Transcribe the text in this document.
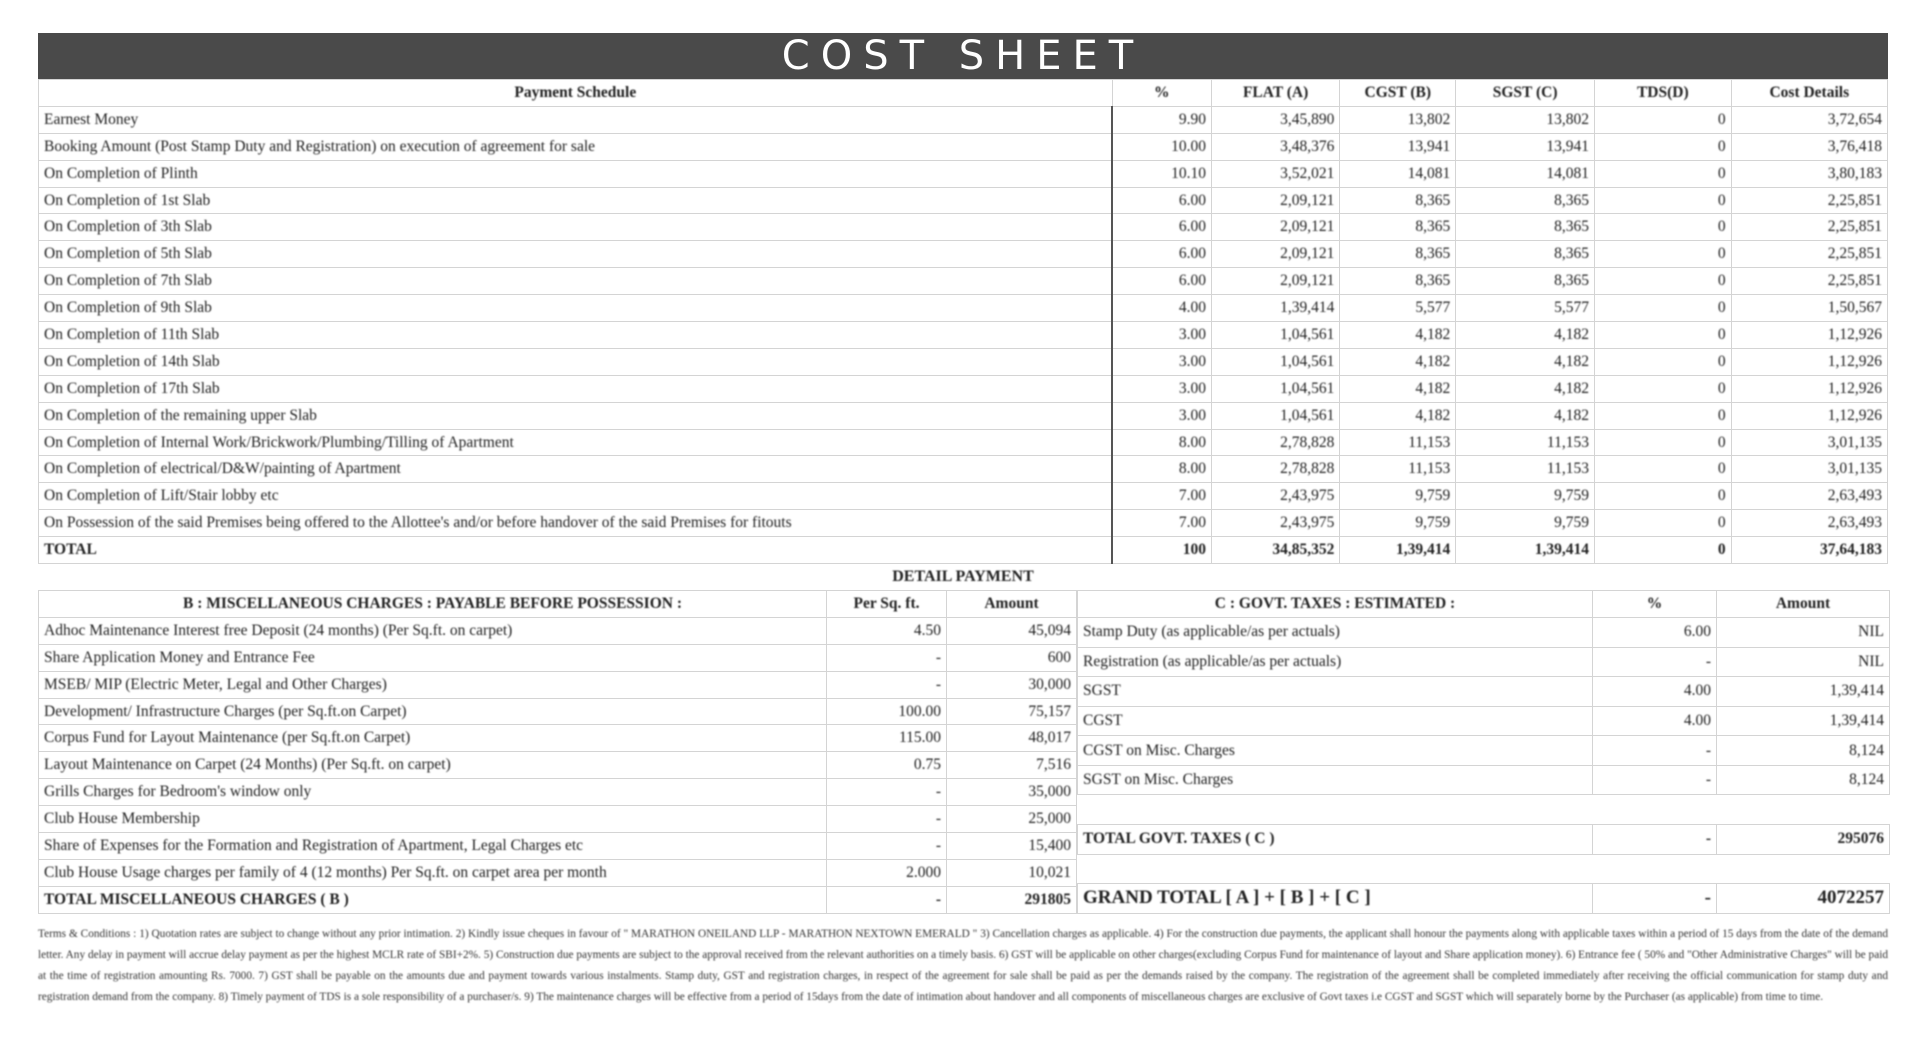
COST SHEET
Payment Schedule	%	FLAT (A)	CGST (B)	SGST (C)	TDS(D)	Cost Details
Earnest Money	9.90	3,45,890	13,802	13,802	0	3,72,654
Booking Amount (Post Stamp Duty and Registration) on execution of agreement for sale	10.00	3,48,376	13,941	13,941	0	3,76,418
On Completion of Plinth	10.10	3,52,021	14,081	14,081	0	3,80,183
On Completion of 1st Slab	6.00	2,09,121	8,365	8,365	0	2,25,851
On Completion of 3th Slab	6.00	2,09,121	8,365	8,365	0	2,25,851
On Completion of 5th Slab	6.00	2,09,121	8,365	8,365	0	2,25,851
On Completion of 7th Slab	6.00	2,09,121	8,365	8,365	0	2,25,851
On Completion of 9th Slab	4.00	1,39,414	5,577	5,577	0	1,50,567
On Completion of 11th Slab	3.00	1,04,561	4,182	4,182	0	1,12,926
On Completion of 14th Slab	3.00	1,04,561	4,182	4,182	0	1,12,926
On Completion of 17th Slab	3.00	1,04,561	4,182	4,182	0	1,12,926
On Completion of the remaining upper Slab	3.00	1,04,561	4,182	4,182	0	1,12,926
On Completion of Internal Work/Brickwork/Plumbing/Tilling of Apartment	8.00	2,78,828	11,153	11,153	0	3,01,135
On Completion of electrical/D&W/painting of Apartment	8.00	2,78,828	11,153	11,153	0	3,01,135
On Completion of Lift/Stair lobby etc	7.00	2,43,975	9,759	9,759	0	2,63,493
On Possession of the said Premises being offered to the Allottee's and/or before handover of the said Premises for fitouts	7.00	2,43,975	9,759	9,759	0	2,63,493
TOTAL	100	34,85,352	1,39,414	1,39,414	0	37,64,183
DETAIL PAYMENT
B : MISCELLANEOUS CHARGES : PAYABLE BEFORE POSSESSION :	Per Sq. ft.	Amount
Adhoc Maintenance Interest free Deposit (24 months) (Per Sq.ft. on carpet)	4.50	45,094
Share Application Money and Entrance Fee	-	600
MSEB/ MIP (Electric Meter, Legal and Other Charges)	-	30,000
Development/ Infrastructure Charges (per Sq.ft.on Carpet)	100.00	75,157
Corpus Fund for Layout Maintenance (per Sq.ft.on Carpet)	115.00	48,017
Layout Maintenance on Carpet (24 Months) (Per Sq.ft. on carpet)	0.75	7,516
Grills Charges for Bedroom's window only	-	35,000
Club House Membership	-	25,000
Share of Expenses for the Formation and Registration of Apartment, Legal Charges etc	-	15,400
Club House Usage charges per family of 4 (12 months) Per Sq.ft. on carpet area per month	2.000	10,021
TOTAL MISCELLANEOUS CHARGES ( B )	-	291805
C : GOVT. TAXES : ESTIMATED :	%	Amount
Stamp Duty (as applicable/as per actuals)	6.00	NIL
Registration (as applicable/as per actuals)	-	NIL
SGST	4.00	1,39,414
CGST	4.00	1,39,414
CGST on Misc. Charges	-	8,124
SGST on Misc. Charges	-	8,124

TOTAL GOVT. TAXES ( C )	-	295076

GRAND TOTAL [ A ] + [ B ] + [ C ]	-	4072257
Terms & Conditions : 1) Quotation rates are subject to change without any prior intimation. 2) Kindly issue cheques in favour of " MARATHON ONEILAND LLP - MARATHON NEXTOWN EMERALD " 3) Cancellation charges as applicable. 4) For the construction due payments, the applicant shall honour the payments along with applicable taxes within a period of 15 days from the date of the demand letter. Any delay in payment will accrue delay payment as per the highest MCLR rate of SBI+2%. 5) Construction due payments are subject to the approval received from the relevant authorities on a timely basis. 6) GST will be applicable on other charges(excluding Corpus Fund for maintenance of layout and Share application money). 6) Entrance fee ( 50% and "Other Administrative Charges" will be paid at the time of registration amounting Rs. 7000. 7) GST shall be payable on the amounts due and payment towards various instalments. Stamp duty, GST and registration charges, in respect of the agreement for sale shall be paid as per the demands raised by the company. The registration of the agreement shall be completed immediately after receiving the official communication for stamp duty and registration demand from the company. 8) Timely payment of TDS is a sole responsibility of a purchaser/s. 9) The maintenance charges will be effective from a period of 15days from the date of intimation about handover and all components of miscellaneous charges are exclusive of Govt taxes i.e CGST and SGST which will separately borne by the Purchaser (as applicable) from time to time.
